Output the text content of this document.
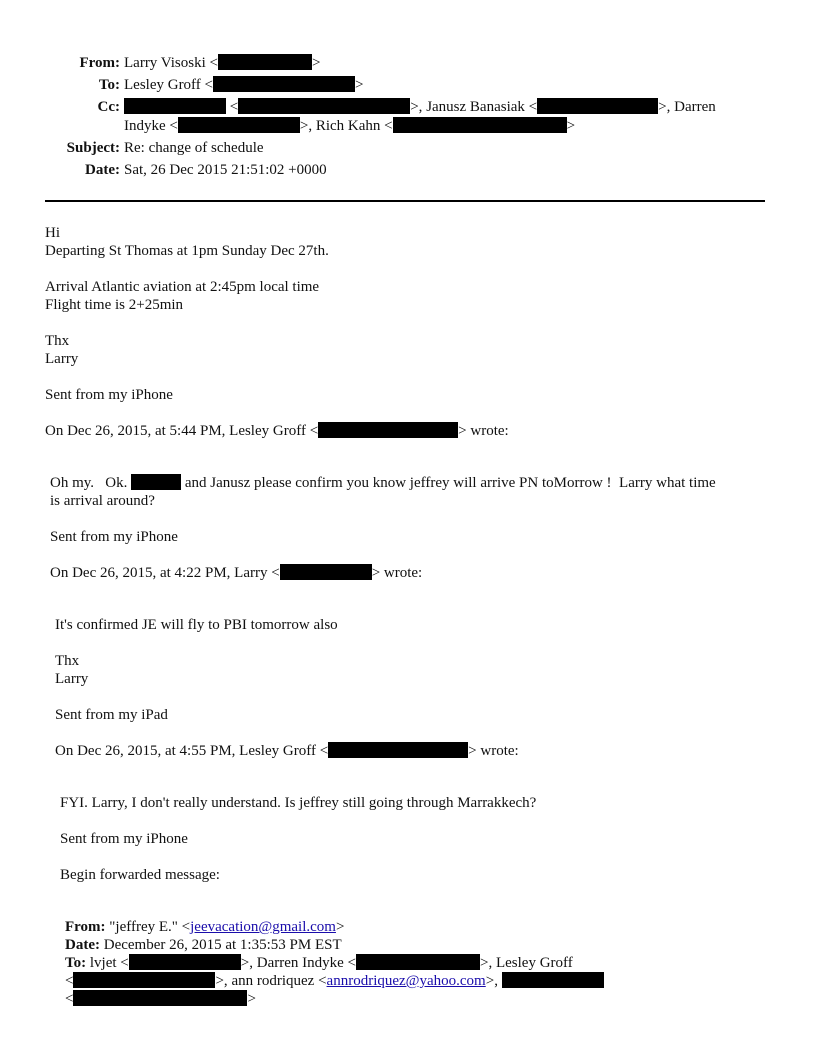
From: Larry Visoski <	>
To: Lesley Groff <	>
Cc:	<	>, Janusz Banasiak <	>, Darren
Indyke <	>, Rich Kahn <	>
Subject: Re: change of schedule
Date: Sat, 26 Dec 2015 21:51:02 +0000
Hi
Departing St Thomas at 1pm Sunday Dec 27th.
Arrival Atlantic aviation at 2:45pm local time
Flight time is 2+25min
Thx
Larry
Sent from my iPhone
On Dec 26, 2015, at 5:44 PM, Lesley Groff <	> wrote:
Oh my.   Ok.	and Janusz please confirm you know jeffrey will arrive PN toMorrow !  Larry what time
is arrival around?
Sent from my iPhone
On Dec 26, 2015, at 4:22 PM, Larry <	> wrote:
It's confirmed JE will fly to PBI tomorrow also
Thx
Larry
Sent from my iPad
On Dec 26, 2015, at 4:55 PM, Lesley Groff <	> wrote:
FYI. Larry, I don't really understand. Is jeffrey still going through Marrakkech?
Sent from my iPhone
Begin forwarded message:
From: "jeffrey E." <jeevacation@gmail.com>
Date: December 26, 2015 at 1:35:53 PM EST
To: lvjet <	>, Darren Indyke <	>, Lesley Groff
<	>, ann rodriquez <annrodriquez@yahoo.com>,
<	>
